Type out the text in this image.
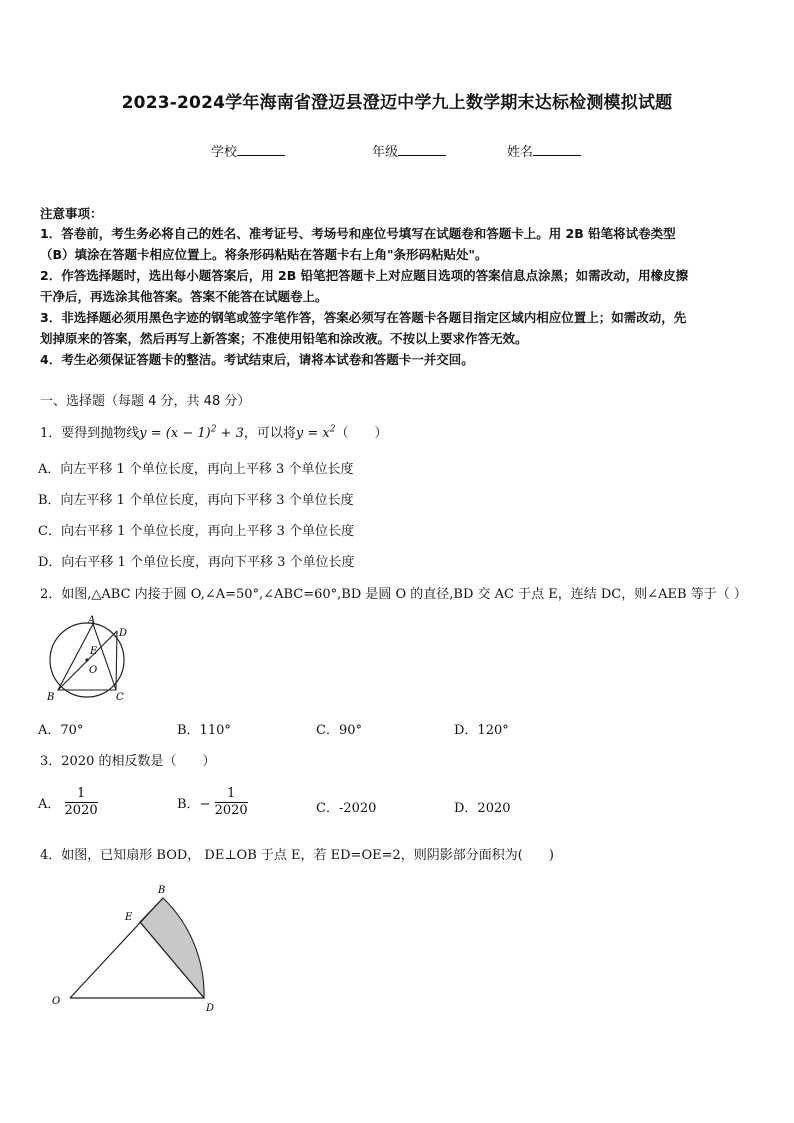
2023-2024学年海南省澄迈县澄迈中学九上数学期末达标检测模拟试题
学校	年级	姓名
注意事项：
1．答卷前，考生务必将自己的姓名、准考证号、考场号和座位号填写在试题卷和答题卡上。用 2B 铅笔将试卷类型
（B）填涂在答题卡相应位置上。将条形码粘贴在答题卡右上角"条形码粘贴处"。
2．作答选择题时，选出每小题答案后，用 2B 铅笔把答题卡上对应题目选项的答案信息点涂黑；如需改动，用橡皮擦
干净后，再选涂其他答案。答案不能答在试题卷上。
3．非选择题必须用黑色字迹的钢笔或签字笔作答，答案必须写在答题卡各题目指定区域内相应位置上；如需改动，先
划掉原来的答案，然后再写上新答案；不准使用铅笔和涂改液。不按以上要求作答无效。
4．考生必须保证答题卡的整洁。考试结束后，请将本试卷和答题卡一并交回。
一、选择题（每题 4 分，共 48 分）
1．要得到抛物线$y = (x - 1)^2 + 3$，可以将$y = x^2$（　　）
A．向左平移 1 个单位长度，再向上平移 3 个单位长度
B．向左平移 1 个单位长度，再向下平移 3 个单位长度
C．向右平移 1 个单位长度，再向上平移 3 个单位长度
D．向右平移 1 个单位长度，再向下平移 3 个单位长度
2．如图,△ABC 内接于圆 O,∠A=50°,∠ABC=60°,BD 是圆 O 的直径,BD 交 AC 于点 E，连结 DC，则∠AEB 等于（ ）
A
B	C
D
E
O
A．70°	B．110°	C．90°	D．120°
3．2020 的相反数是（　　）
A． $\frac{1}{2020}$	B．− $\frac{1}{2020}$	C．-2020	D．2020
4．如图，已知扇形 BOD， DE⊥OB 于点 E，若 ED=OE=2，则阴影部分面积为(　　)
B
E
O
D
